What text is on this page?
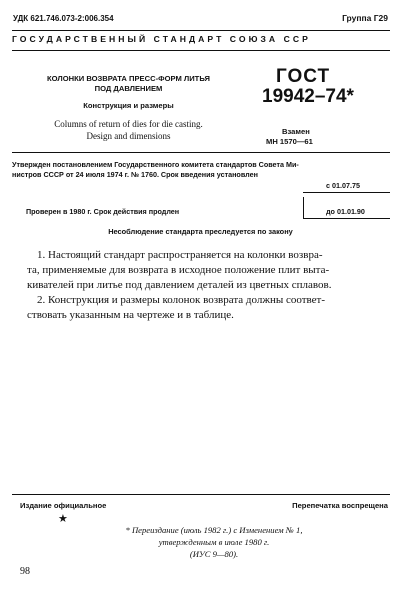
УДК 621.746.073-2:006.354	Группа Г29
ГОСУДАРСТВЕННЫЙ СТАНДАРТ СОЮЗА ССР
КОЛОНКИ ВОЗВРАТА ПРЕСС-ФОРМ ЛИТЬЯ
ПОД ДАВЛЕНИЕМ
Конструкция и размеры
Columns of return of dies for die casting.
Design and dimensions
ГОСТ
19942–74*
Взамен
МН 1570—61
Утвержден постановлением Государственного комитета стандартов Совета Ми-
нистров СССР от 24 июля 1974 г. № 1760. Срок введения установлен
с 01.07.75
Проверен в 1980 г. Срок действия продлен	до 01.01.90
Несоблюдение стандарта преследуется по закону
1. Настоящий стандарт распространяется на колонки возвра-
та, применяемые для возврата в исходное положение плит выта-
кивателей при литье под давлением деталей из цветных сплавов.
2. Конструкция и размеры колонок возврата должны соответ-
ствовать указанным на чертеже и в таблице.
Издание официальное	Перепечатка воспрещена
★
* Переиздание (июль 1982 г.) с Изменением № 1,
утвержденным в июле 1980 г.
(ИУС 9—80).
98
